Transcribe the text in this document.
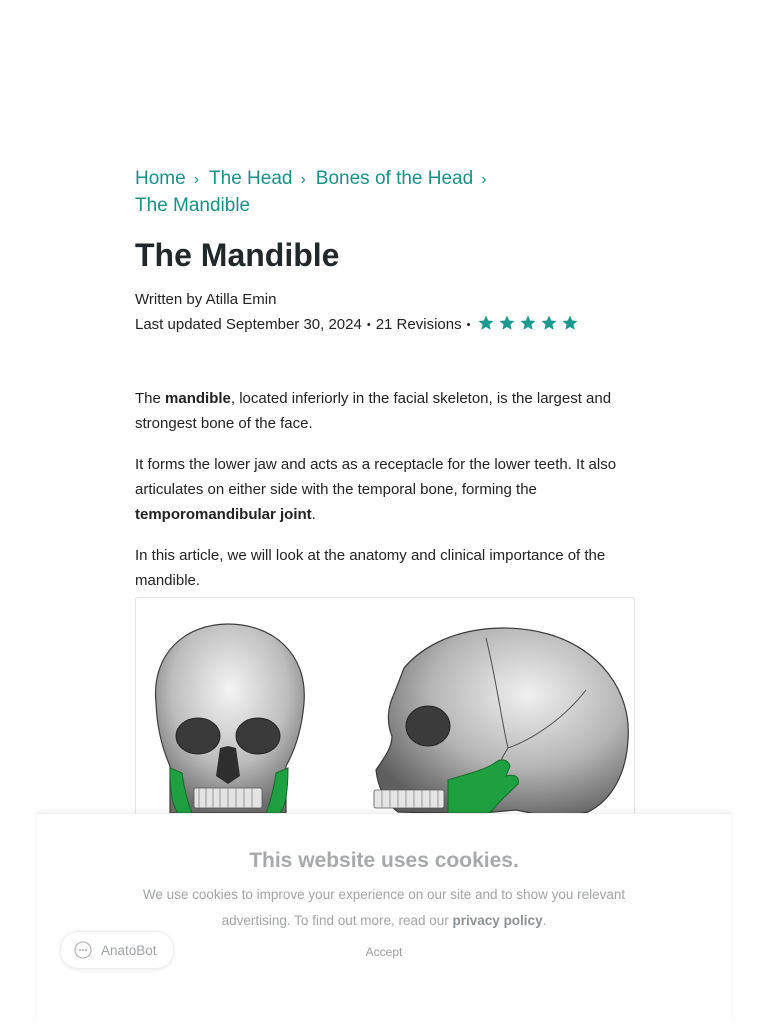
Home › The Head › Bones of the Head ›
The Mandible
The Mandible
Written by Atilla Emin
Last updated September 30, 2024 • 21 Revisions •

The mandible, located inferiorly in the facial skeleton, is the largest and strongest bone of the face.

It forms the lower jaw and acts as a receptacle for the lower teeth. It also articulates on either side with the temporal bone, forming the temporomandibular joint.

In this article, we will look at the anatomy and clinical importance of the mandible.

This website uses cookies.
We use cookies to improve your experience on our site and to show you relevant advertising. To find out more, read our privacy policy.
Accept
AnatoBot
